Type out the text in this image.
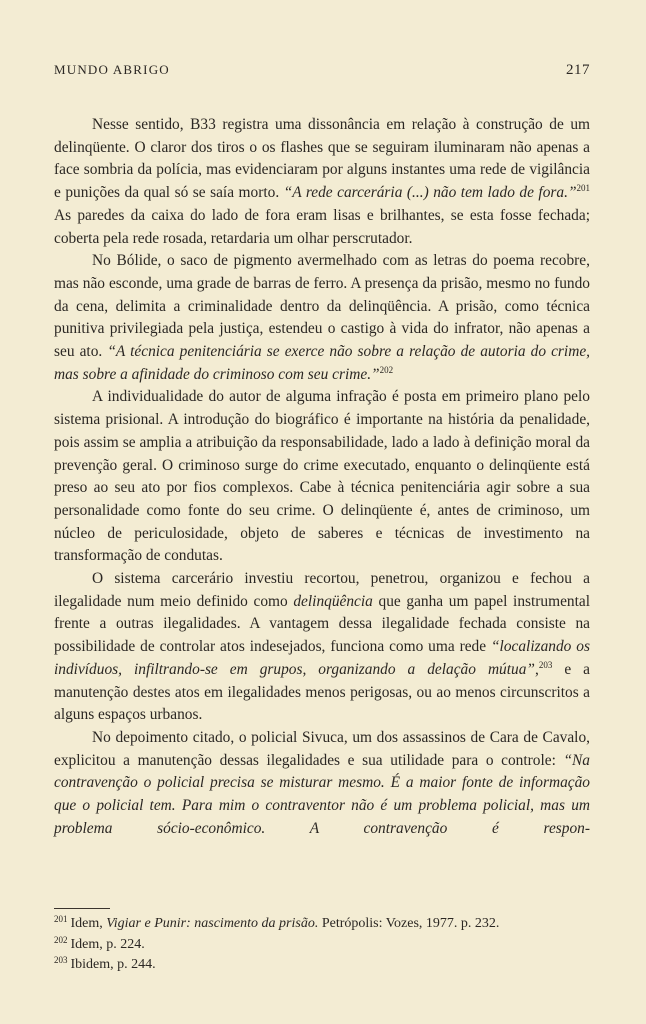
MUNDO ABRIGO	217

Nesse sentido, B33 registra uma dissonância em relação à construção de um delinqüente. O claror dos tiros o os flashes que se seguiram iluminaram não apenas a face sombria da polícia, mas evidenciaram por alguns instantes uma rede de vigilância e punições da qual só se saía morto. “A rede carcerária (...) não tem lado de fora.”$^{201}$ As paredes da caixa do lado de fora eram lisas e brilhantes, se esta fosse fechada; coberta pela rede rosada, retardaria um olhar perscrutador.

No Bólide, o saco de pigmento avermelhado com as letras do poema recobre, mas não esconde, uma grade de barras de ferro. A presença da prisão, mesmo no fundo da cena, delimita a criminalidade dentro da delinqüência. A prisão, como técnica punitiva privilegiada pela justiça, estendeu o castigo à vida do infrator, não apenas a seu ato. “A técnica penitenciária se exerce não sobre a relação de autoria do crime, mas sobre a afinidade do criminoso com seu crime.”$^{202}$

A individualidade do autor de alguma infração é posta em primeiro plano pelo sistema prisional. A introdução do biográfico é importante na história da penalidade, pois assim se amplia a atribuição da responsabilidade, lado a lado à definição moral da prevenção geral. O criminoso surge do crime executado, enquanto o delinqüente está preso ao seu ato por fios complexos. Cabe à técnica penitenciária agir sobre a sua personalidade como fonte do seu crime. O delinqüente é, antes de criminoso, um núcleo de periculosidade, objeto de saberes e técnicas de investimento na transformação de condutas.

O sistema carcerário investiu recortou, penetrou, organizou e fechou a ilegalidade num meio definido como delinqüência que ganha um papel instrumental frente a outras ilegalidades. A vantagem dessa ilegalidade fechada consiste na possibilidade de controlar atos indesejados, funciona como uma rede “localizando os indivíduos, infiltrando-se em grupos, organizando a delação mútua”,$^{203}$ e a manutenção destes atos em ilegalidades menos perigosas, ou ao menos circunscritos a alguns espaços urbanos.

No depoimento citado, o policial Sivuca, um dos assassinos de Cara de Cavalo, explicitou a manutenção dessas ilegalidades e sua utilidade para o controle: “Na contravenção o policial precisa se misturar mesmo. É a maior fonte de informação que o policial tem. Para mim o contraventor não é um problema policial, mas um problema sócio-econômico. A contravenção é respon-

$^{201}$ Idem, Vigiar e Punir: nascimento da prisão. Petrópolis: Vozes, 1977. p. 232.
$^{202}$ Idem, p. 224.
$^{203}$ Ibidem, p. 244.
